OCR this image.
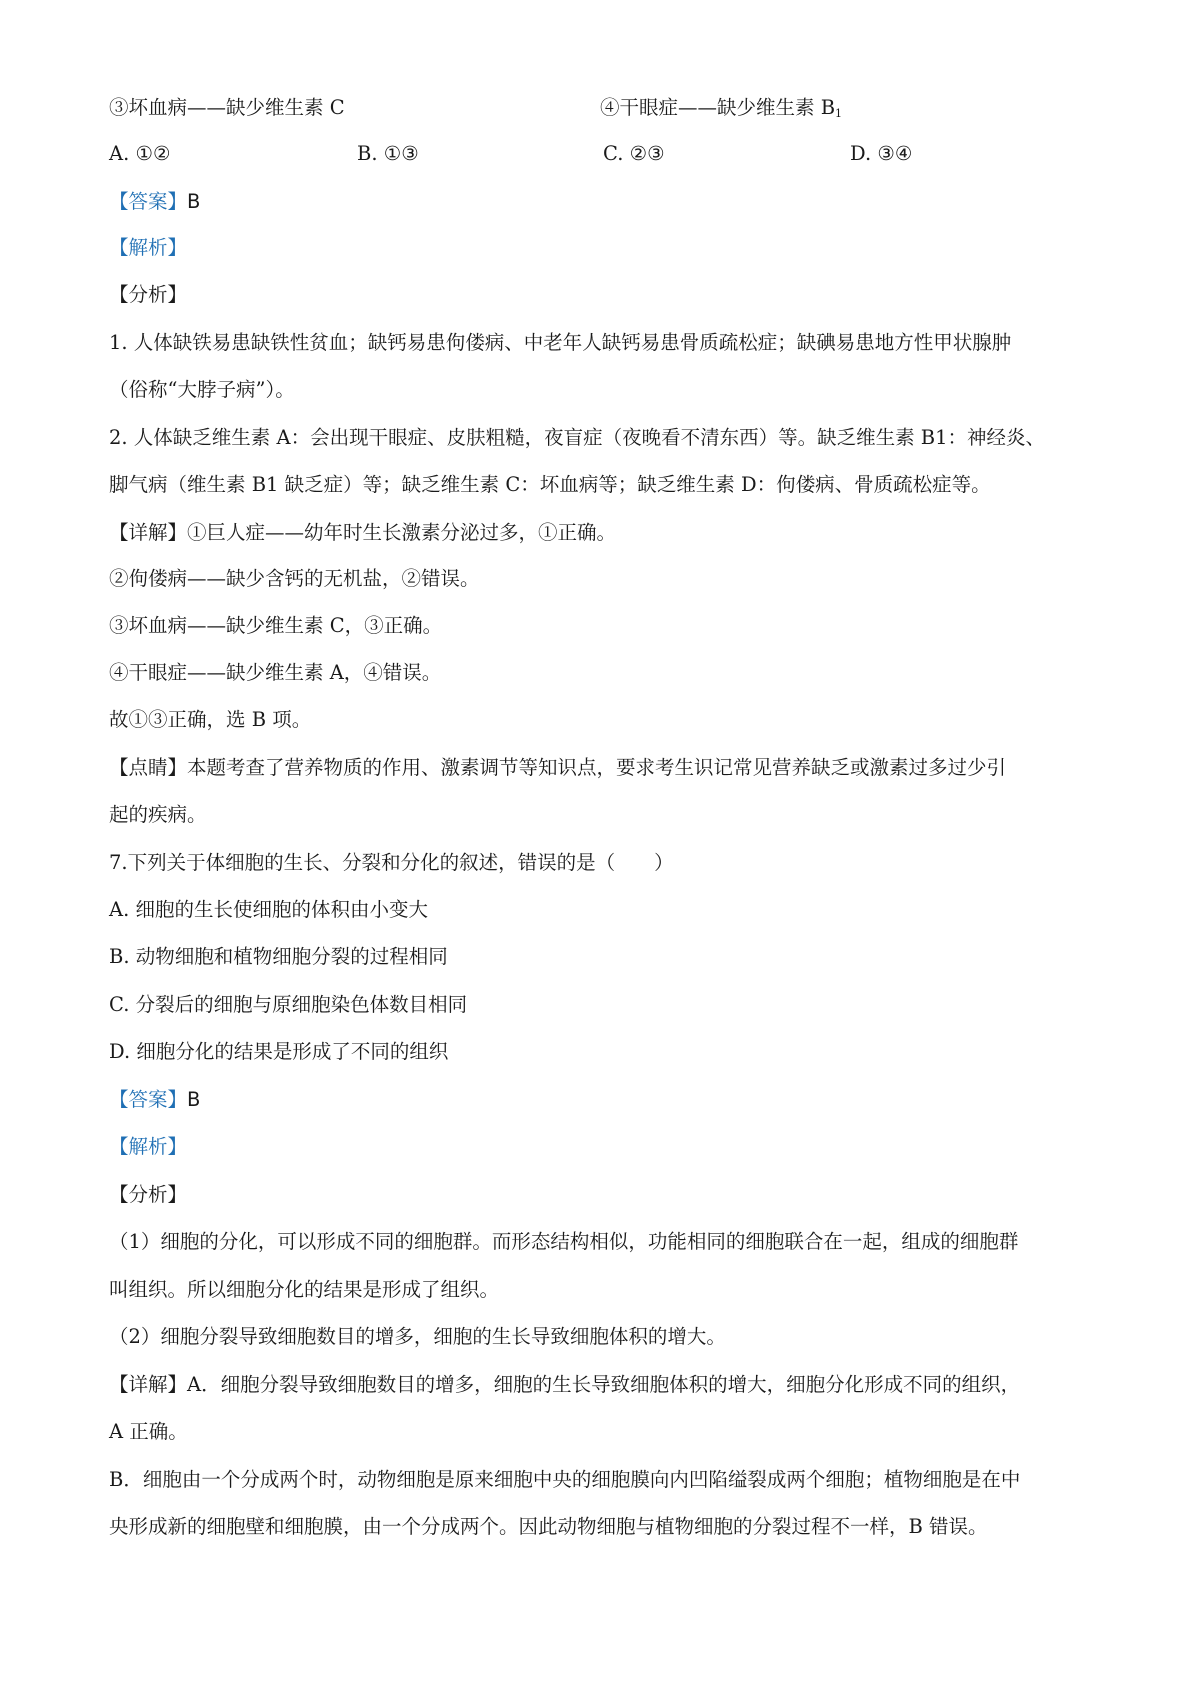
③坏血病——缺少维生素 C	④干眼症——缺少维生素 $B_1$
A. ①②	B. ①③	C. ②③	D. ③④
【答案】B
【解析】
【分析】
1. 人体缺铁易患缺铁性贫血；缺钙易患佝偻病、中老年人缺钙易患骨质疏松症；缺碘易患地方性甲状腺肿
（俗称“大脖子病”）。
2. 人体缺乏维生素 A：会出现干眼症、皮肤粗糙，夜盲症（夜晚看不清东西）等。缺乏维生素 B1：神经炎、
脚气病（维生素 B1 缺乏症）等；缺乏维生素 C：坏血病等；缺乏维生素 D：佝偻病、骨质疏松症等。
【详解】①巨人症——幼年时生长激素分泌过多，①正确。
②佝偻病——缺少含钙的无机盐，②错误。
③坏血病——缺少维生素 C，③正确。
④干眼症——缺少维生素 A，④错误。
故①③正确，选 B 项。
【点睛】本题考查了营养物质的作用、激素调节等知识点，要求考生识记常见营养缺乏或激素过多过少引
起的疾病。
7.下列关于体细胞的生长、分裂和分化的叙述，错误的是（　　）
A. 细胞的生长使细胞的体积由小变大
B. 动物细胞和植物细胞分裂的过程相同
C. 分裂后的细胞与原细胞染色体数目相同
D. 细胞分化的结果是形成了不同的组织
【答案】B
【解析】
【分析】
（1）细胞的分化，可以形成不同的细胞群。而形态结构相似，功能相同的细胞联合在一起，组成的细胞群
叫组织。所以细胞分化的结果是形成了组织。
（2）细胞分裂导致细胞数目的增多，细胞的生长导致细胞体积的增大。
【详解】A．细胞分裂导致细胞数目的增多，细胞的生长导致细胞体积的增大，细胞分化形成不同的组织，
A 正确。
B．细胞由一个分成两个时，动物细胞是原来细胞中央的细胞膜向内凹陷缢裂成两个细胞；植物细胞是在中
央形成新的细胞壁和细胞膜，由一个分成两个。因此动物细胞与植物细胞的分裂过程不一样，B 错误。
